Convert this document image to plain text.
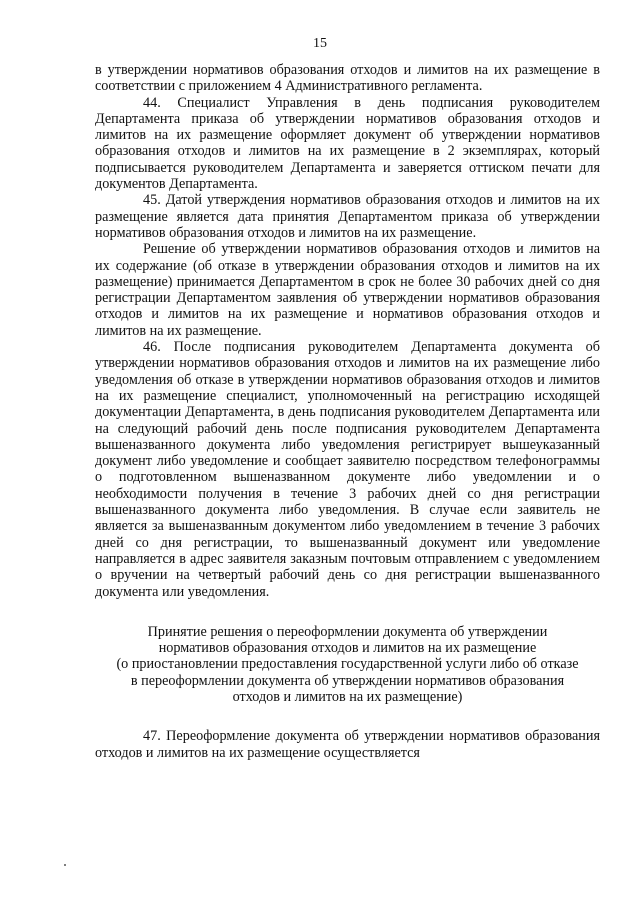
15

в утверждении нормативов образования отходов и лимитов на их размещение в соответствии с приложением 4 Административного регламента.

44. Специалист Управления в день подписания руководителем Департамента приказа об утверждении нормативов образования отходов и лимитов на их размещение оформляет документ об утверждении нормативов образования отходов и лимитов на их размещение в 2 экземплярах, который подписывается руководителем Департамента и заверяется оттиском печати для документов Департамента.

45. Датой утверждения нормативов образования отходов и лимитов на их размещение является дата принятия Департаментом приказа об утверждении нормативов образования отходов и лимитов на их размещение.

Решение об утверждении нормативов образования отходов и лимитов на их содержание (об отказе в утверждении образования отходов и лимитов на их размещение) принимается Департаментом в срок не более 30 рабочих дней со дня регистрации Департаментом заявления об утверждении нормативов образования отходов и лимитов на их размещение и нормативов образования отходов и лимитов на их размещение.

46. После подписания руководителем Департамента документа об утверждении нормативов образования отходов и лимитов на их размещение либо уведомления об отказе в утверждении нормативов образования отходов и лимитов на их размещение специалист, уполномоченный на регистрацию исходящей документации Департамента, в день подписания руководителем Департамента или на следующий рабочий день после подписания руководителем Департамента вышеназванного документа либо уведомления регистрирует вышеуказанный документ либо уведомление и сообщает заявителю посредством телефонограммы о подготовленном вышеназванном документе либо уведомлении и о необходимости получения в течение 3 рабочих дней со дня регистрации вышеназванного документа либо уведомления. В случае если заявитель не является за вышеназванным документом либо уведомлением в течение 3 рабочих дней со дня регистрации, то вышеназванный документ или уведомление направляется в адрес заявителя заказным почтовым отправлением с уведомлением о вручении на четвертый рабочий день со дня регистрации вышеназванного документа или уведомления.

Принятие решения о переоформлении документа об утверждении
нормативов образования отходов и лимитов на их размещение
(о приостановлении предоставления государственной услуги либо об отказе
в переоформлении документа об утверждении нормативов образования
отходов и лимитов на их размещение)

47. Переоформление документа об утверждении нормативов образования отходов и лимитов на их размещение осуществляется
